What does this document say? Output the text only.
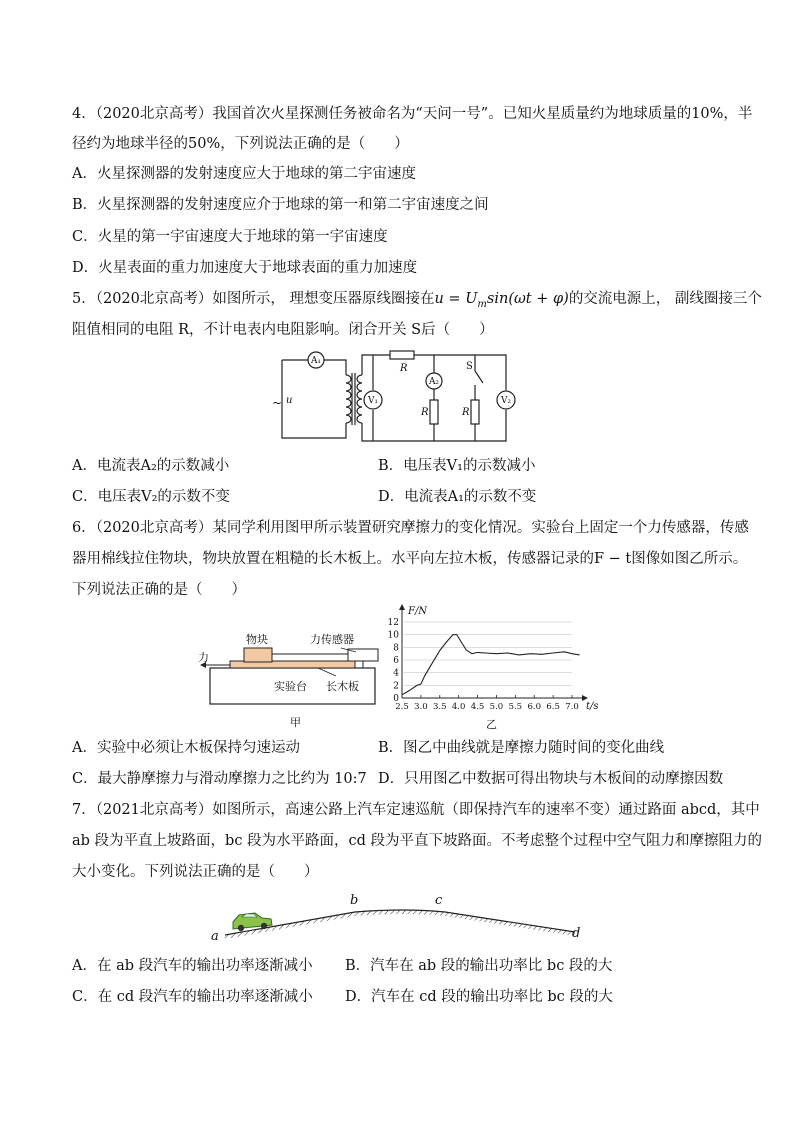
4．（2020北京高考）我国首次火星探测任务被命名为“天问一号”。已知火星质量约为地球质量的10%，半
径约为地球半径的50%，下列说法正确的是（　　）
A．火星探测器的发射速度应大于地球的第二宇宙速度
B．火星探测器的发射速度应介于地球的第一和第二宇宙速度之间
C．火星的第一宇宙速度大于地球的第一宇宙速度
D．火星表面的重力加速度大于地球表面的重力加速度
5．（2020北京高考）如图所示， 理想变压器原线圈接在$u = U_m\sin(\omega t + \varphi)$的交流电源上， 副线圈接三个
阻值相同的电阻 R，不计电表内电阻影响。闭合开关 S后（　　）
A₁
V₁
A₂
V₂
R
R	R
u
S
~
A．电流表A₂的示数减小	B．电压表V₁的示数减小
C．电压表V₂的示数不变	D．电流表A₁的示数不变
6．（2020北京高考）某同学利用图甲所示装置研究摩擦力的变化情况。实验台上固定一个力传感器，传感
器用棉线拉住物块，物块放置在粗糙的长木板上。水平向左拉木板，传感器记录的F − t图像如图乙所示。
下列说法正确的是（　　）
物块	力传感器
力
实验台 长木板
甲
0
2
4
6
8
10
12
2.5 3.0 3.5 4.0 4.5 5.0 5.5 6.0 6.5 7.0
F/N
t/s
乙
A．实验中必须让木板保持匀速运动	B．图乙中曲线就是摩擦力随时间的变化曲线
C．最大静摩擦力与滑动摩擦力之比约为 10:7 D．只用图乙中数据可得出物块与木板间的动摩擦因数
7．（2021北京高考）如图所示，高速公路上汽车定速巡航（即保持汽车的速率不变）通过路面 abcd，其中
ab 段为平直上坡路面，bc 段为水平路面，cd 段为平直下坡路面。不考虑整个过程中空气阻力和摩擦阻力的
大小变化。下列说法正确的是（　　）
a
b	c
d
A．在 ab 段汽车的输出功率逐渐减小 B．汽车在 ab 段的输出功率比 bc 段的大
C．在 cd 段汽车的输出功率逐渐减小 D．汽车在 cd 段的输出功率比 bc 段的大
